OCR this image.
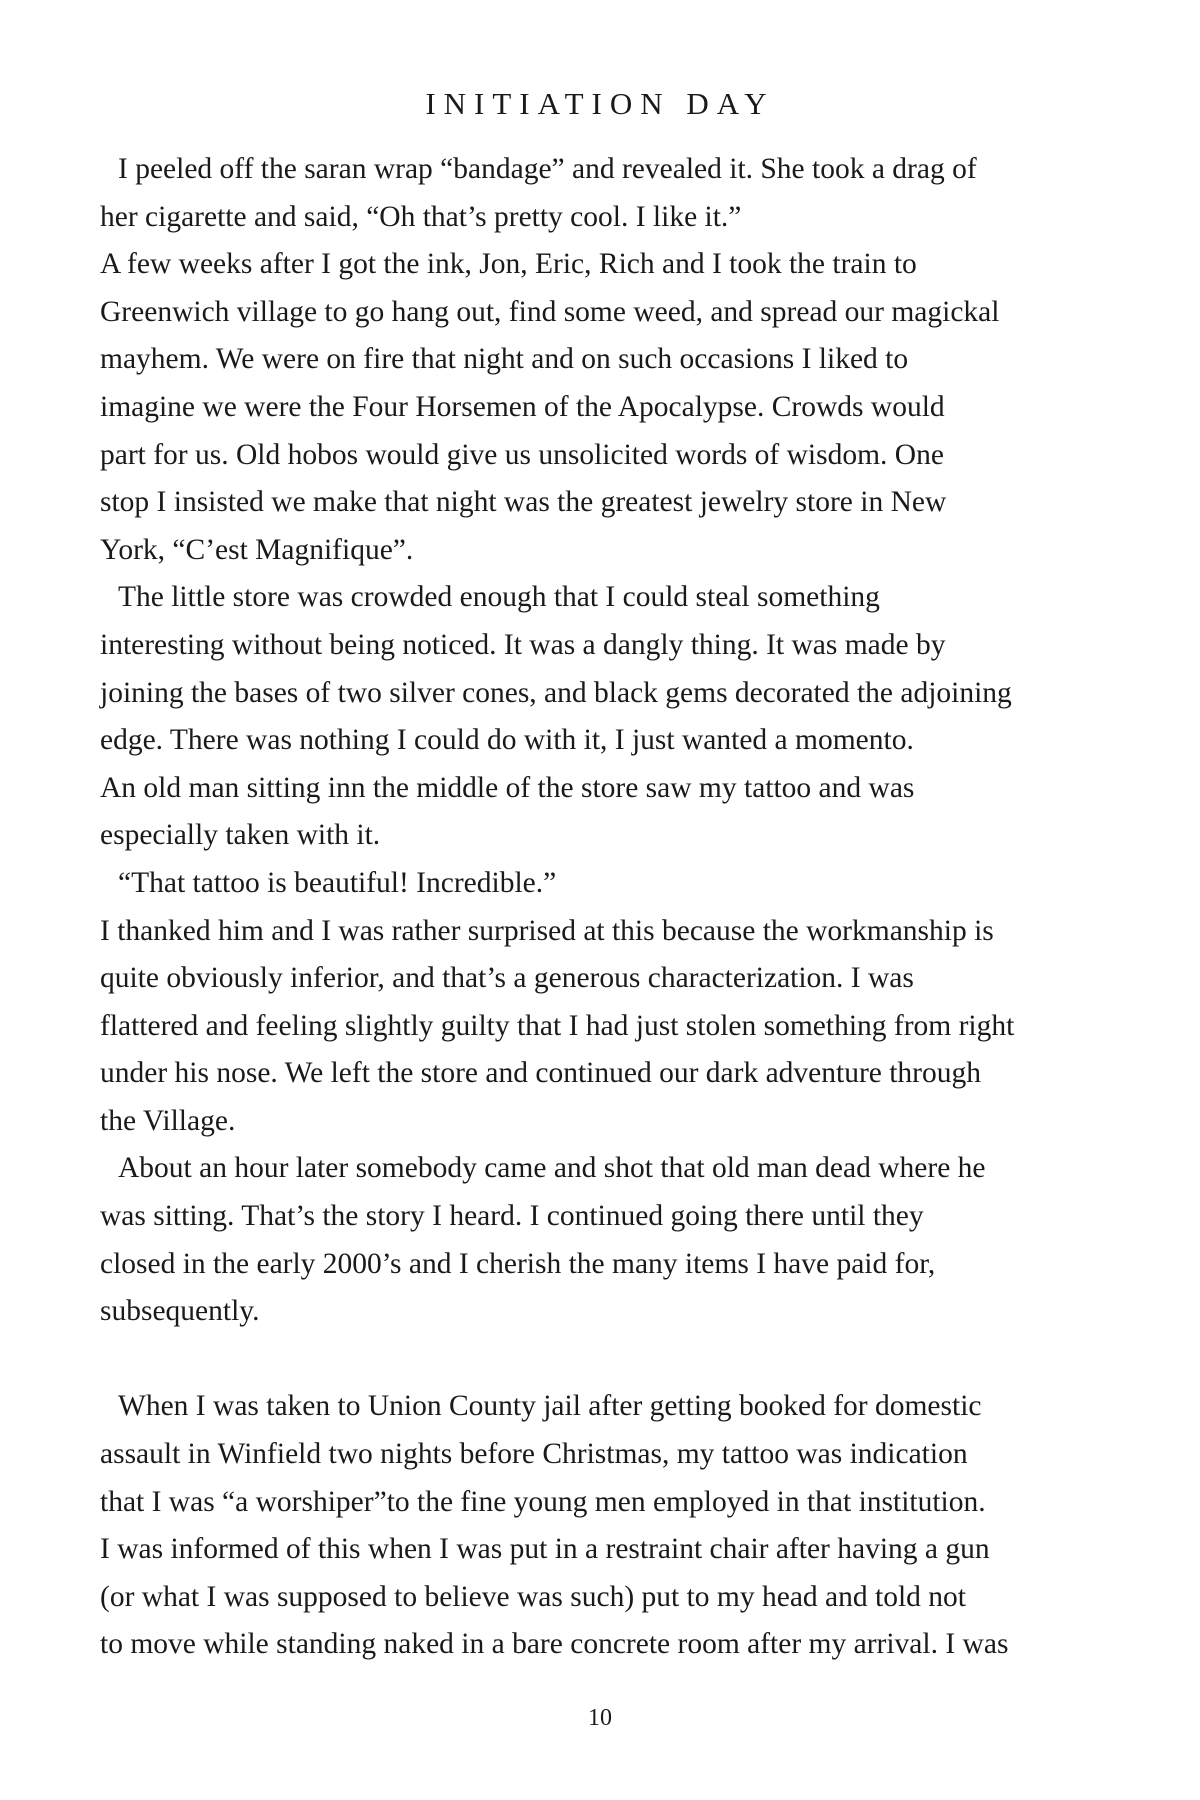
INITIATION DAY
I peeled off the saran wrap “bandage” and revealed it. She took a drag of
her cigarette and said, “Oh that’s pretty cool. I like it.”
A few weeks after I got the ink, Jon, Eric, Rich and I took the train to
Greenwich village to go hang out, find some weed, and spread our magickal
mayhem. We were on fire that night and on such occasions I liked to
imagine we were the Four Horsemen of the Apocalypse. Crowds would
part for us. Old hobos would give us unsolicited words of wisdom. One
stop I insisted we make that night was the greatest jewelry store in New
York, “C’est Magnifique”.
The little store was crowded enough that I could steal something
interesting without being noticed. It was a dangly thing. It was made by
joining the bases of two silver cones, and black gems decorated the adjoining
edge. There was nothing I could do with it, I just wanted a momento.
An old man sitting inn the middle of the store saw my tattoo and was
especially taken with it.
“That tattoo is beautiful! Incredible.”
I thanked him and I was rather surprised at this because the workmanship is
quite obviously inferior, and that’s a generous characterization. I was
flattered and feeling slightly guilty that I had just stolen something from right
under his nose. We left the store and continued our dark adventure through
the Village.
About an hour later somebody came and shot that old man dead where he
was sitting. That’s the story I heard. I continued going there until they
closed in the early 2000’s and I cherish the many items I have paid for,
subsequently.
When I was taken to Union County jail after getting booked for domestic
assault in Winfield two nights before Christmas, my tattoo was indication
that I was “a worshiper”to the fine young men employed in that institution.
I was informed of this when I was put in a restraint chair after having a gun
(or what I was supposed to believe was such) put to my head and told not
to move while standing naked in a bare concrete room after my arrival. I was
10
